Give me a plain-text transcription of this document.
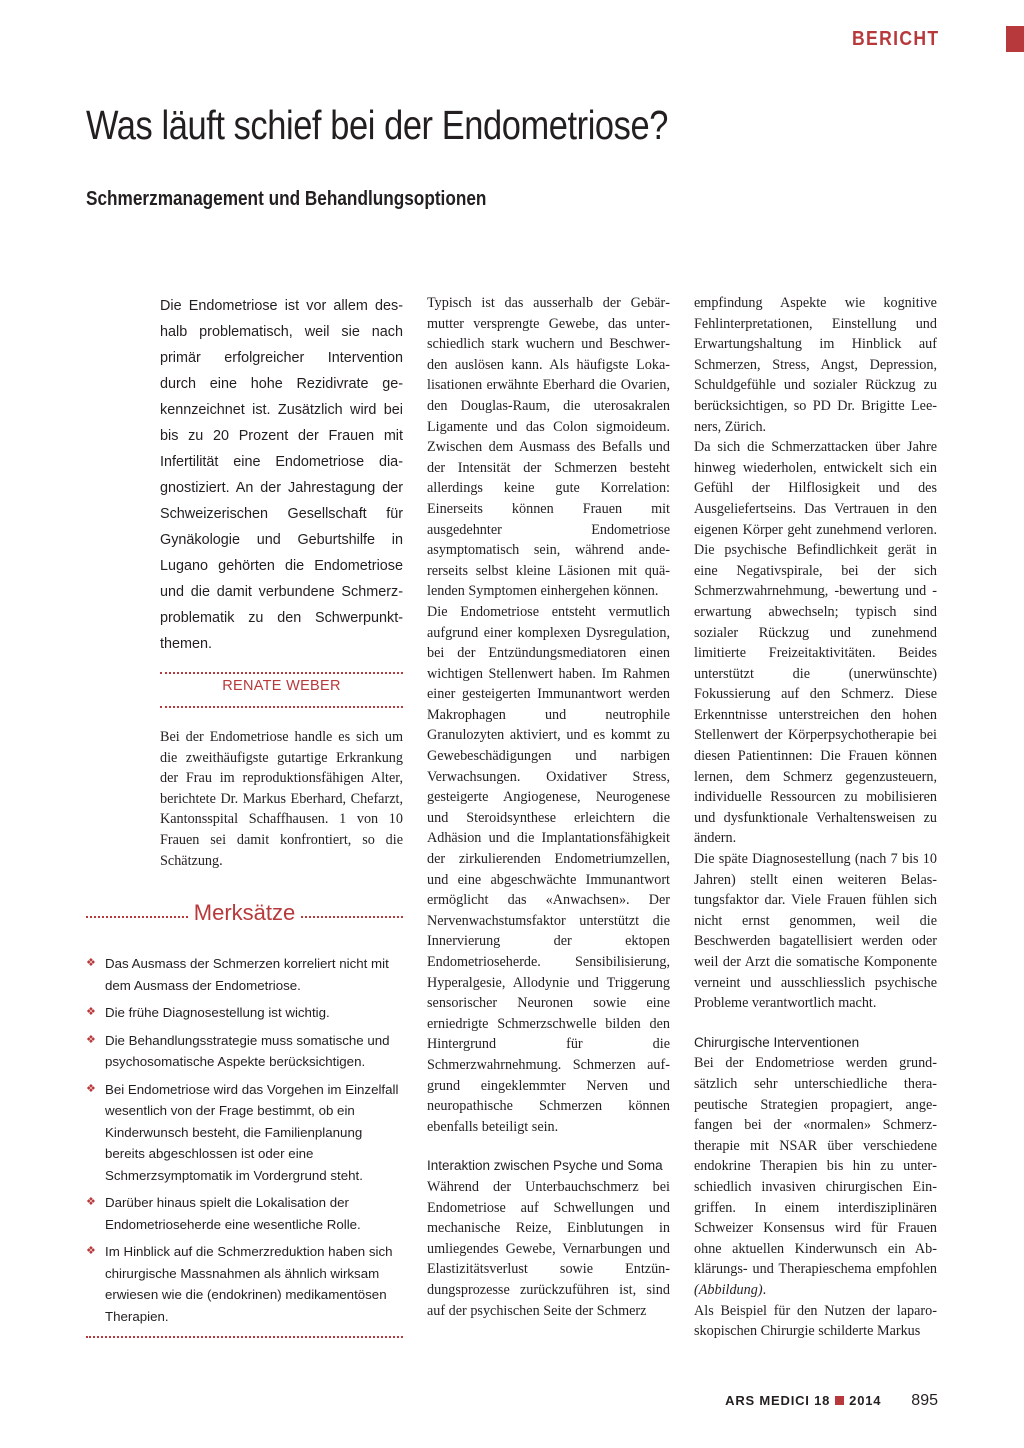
BERICHT
Was läuft schief bei der Endometriose?
Schmerzmanagement und Behandlungsoptionen

Die Endometriose ist vor allem deshalb problematisch, weil sie nach primär erfolgreicher Intervention durch eine hohe Rezidivrate gekennzeichnet ist. Zusätzlich wird bei bis zu 20 Prozent der Frauen mit Infertilität eine Endometriose diagnostiziert. An der Jahrestagung der Schweizerischen Gesellschaft für Gynäkologie und Geburtshilfe in Lugano gehörten die Endometriose und die damit verbundene Schmerzproblematik zu den Schwerpunktthemen.

RENATE WEBER

Bei der Endometriose handle es sich um die zweithäufigste gutartige Erkrankung der Frau im reproduktionsfähigen Alter, berichtete Dr. Markus Eberhard, Chefarzt, Kantonsspital Schaffhausen. 1 von 10 Frauen sei damit konfrontiert, so die Schätzung.

Merksätze
❖ Das Ausmass der Schmerzen korreliert nicht mit dem Ausmass der Endometriose.
❖ Die frühe Diagnosestellung ist wichtig.
❖ Die Behandlungsstrategie muss somatische und psychosomatische Aspekte berücksichtigen.
❖ Bei Endometriose wird das Vorgehen im Einzelfall wesentlich von der Frage bestimmt, ob ein Kinderwunsch besteht, die Familienplanung bereits abgeschlossen ist oder eine Schmerzsymptomatik im Vordergrund steht.
❖ Darüber hinaus spielt die Lokalisation der Endometrioseherde eine wesentliche Rolle.
❖ Im Hinblick auf die Schmerzreduktion haben sich chirurgische Massnahmen als ähnlich wirksam erwiesen wie die (endokrinen) medikamentösen Therapien.

Typisch ist das ausserhalb der Gebärmutter versprengte Gewebe, das unterschiedlich stark wuchern und Beschwerden auslösen kann. Als häufigste Lokalisationen erwähnte Eberhard die Ovarien, den Douglas-Raum, die uterosakralen Ligamente und das Colon sigmoideum. Zwischen dem Ausmass des Befalls und der Intensität der Schmerzen besteht allerdings keine gute Korrelation: Einerseits können Frauen mit ausgedehnter Endometriose asymptomatisch sein, während andererseits selbst kleine Läsionen mit quälenden Symptomen einhergehen können.

Die Endometriose entsteht vermutlich aufgrund einer komplexen Dysregulation, bei der Entzündungsmediatoren einen wichtigen Stellenwert haben. Im Rahmen einer gesteigerten Immunantwort werden Makrophagen und neutrophile Granulozyten aktiviert, und es kommt zu Gewebeschädigungen und narbigen Verwachsungen. Oxidativer Stress, gesteigerte Angiogenese, Neurogenese und Steroidsynthese erleichtern die Adhäsion und die Implantationsfähigkeit der zirkulierenden Endometriumzellen, und eine abgeschwächte Immunantwort ermöglicht das «Anwachsen». Der Nervenwachstumsfaktor unterstützt die Innervierung der ektopen Endometrioseherde. Sensibilisierung, Hyperalgesie, Allodynie und Triggerung sensorischer Neuronen sowie eine erniedrigte Schmerzschwelle bilden den Hintergrund für die Schmerzwahrnehmung. Schmerzen aufgrund eingeklemmter Nerven und neuropathische Schmerzen können ebenfalls beteiligt sein.

Interaktion zwischen Psyche und Soma

Während der Unterbauchschmerz bei Endometriose auf Schwellungen und mechanische Reize, Einblutungen in umliegendes Gewebe, Vernarbungen und Elastizitätsverlust sowie Entzündungsprozesse zurückzuführen ist, sind auf der psychischen Seite der Schmerz

empfindung Aspekte wie kognitive Fehlinterpretationen, Einstellung und Erwartungshaltung im Hinblick auf Schmerzen, Stress, Angst, Depression, Schuldgefühle und sozialer Rückzug zu berücksichtigen, so PD Dr. Brigitte Leeners, Zürich.

Da sich die Schmerzattacken über Jahre hinweg wiederholen, entwickelt sich ein Gefühl der Hilflosigkeit und des Ausgeliefertseins. Das Vertrauen in den eigenen Körper geht zunehmend verloren. Die psychische Befindlichkeit gerät in eine Negativspirale, bei der sich Schmerzwahrnehmung, -bewertung und -erwartung abwechseln; typisch sind sozialer Rückzug und zunehmend limitierte Freizeitaktivitäten. Beides unterstützt die (unerwünschte) Fokussierung auf den Schmerz. Diese Erkenntnisse unterstreichen den hohen Stellenwert der Körperpsychotherapie bei diesen Patientinnen: Die Frauen können lernen, dem Schmerz gegenzusteuern, individuelle Ressourcen zu mobilisieren und dysfunktionale Verhaltensweisen zu ändern.

Die späte Diagnosestellung (nach 7 bis 10 Jahren) stellt einen weiteren Belastungsfaktor dar. Viele Frauen fühlen sich nicht ernst genommen, weil die Beschwerden bagatellisiert werden oder weil der Arzt die somatische Komponente verneint und ausschliesslich psychische Probleme verantwortlich macht.

Chirurgische Interventionen

Bei der Endometriose werden grundsätzlich sehr unterschiedliche therapeutische Strategien propagiert, angefangen bei der «normalen» Schmerztherapie mit NSAR über verschiedene endokrine Therapien bis hin zu unterschiedlich invasiven chirurgischen Eingriffen. In einem interdisziplinären Schweizer Konsensus wird für Frauen ohne aktuellen Kinderwunsch ein Abklärungs- und Therapieschema empfohlen (Abbildung).

Als Beispiel für den Nutzen der laparoskopischen Chirurgie schilderte Markus

ARS MEDICI 18 2014 895
